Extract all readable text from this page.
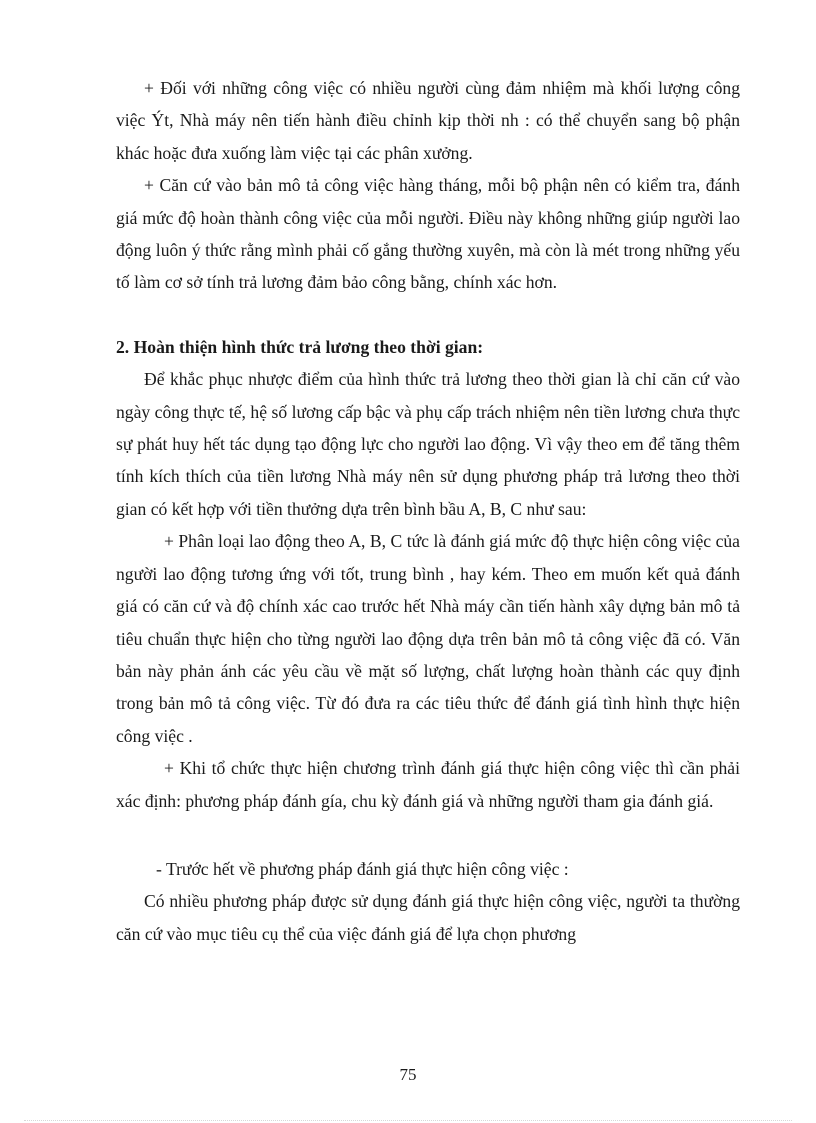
+ Đối với những công việc có nhiều người cùng đảm nhiệm mà khối lượng công việc Ýt, Nhà máy nên tiến hành điều chỉnh kịp thời nh : có thể chuyển sang bộ phận khác hoặc đưa xuống làm việc tại các phân xưởng.

+ Căn cứ vào bản mô tả công việc hàng tháng, mỗi bộ phận nên có kiểm tra, đánh giá mức độ hoàn thành công việc của mỗi người. Điều này không những giúp người lao động luôn ý thức rằng mình phải cố gắng thường xuyên, mà còn là mét trong những yếu tố làm cơ sở tính trả lương đảm bảo công bằng, chính xác hơn.

2. Hoàn thiện hình thức trả lương theo thời gian:

Để khắc phục nhược điểm của hình thức trả lương theo thời gian là chỉ căn cứ vào ngày công thực tế, hệ số lương cấp bậc và phụ cấp trách nhiệm nên tiền lương chưa thực sự phát huy hết tác dụng tạo động lực cho người lao động. Vì vậy theo em để tăng thêm tính kích thích của tiền lương Nhà máy nên sử dụng phương pháp trả lương theo thời gian có kết hợp với tiền thưởng dựa trên bình bầu A, B, C như sau:

+ Phân loại lao động theo A, B, C tức là đánh giá mức độ thực hiện công việc của người lao động tương ứng với tốt, trung bình , hay kém. Theo em muốn kết quả đánh giá có căn cứ và độ chính xác cao trước hết Nhà máy cần tiến hành xây dựng bản mô tả tiêu chuẩn thực hiện cho từng người lao động dựa trên bản mô tả công việc đã có. Văn bản này phản ánh các yêu cầu về mặt số lượng, chất lượng hoàn thành các quy định trong bản mô tả công việc. Từ đó đưa ra các tiêu thức để đánh giá tình hình thực hiện công việc .

+ Khi tổ chức thực hiện chương trình đánh giá thực hiện công việc thì cần phải xác định: phương pháp đánh gía, chu kỳ đánh giá và những người tham gia đánh giá.

- Trước hết về phương pháp đánh giá thực hiện công việc :

Có nhiều phương pháp được sử dụng đánh giá thực hiện công việc, người ta thường căn cứ vào mục tiêu cụ thể của việc đánh giá để lựa chọn phương

75
